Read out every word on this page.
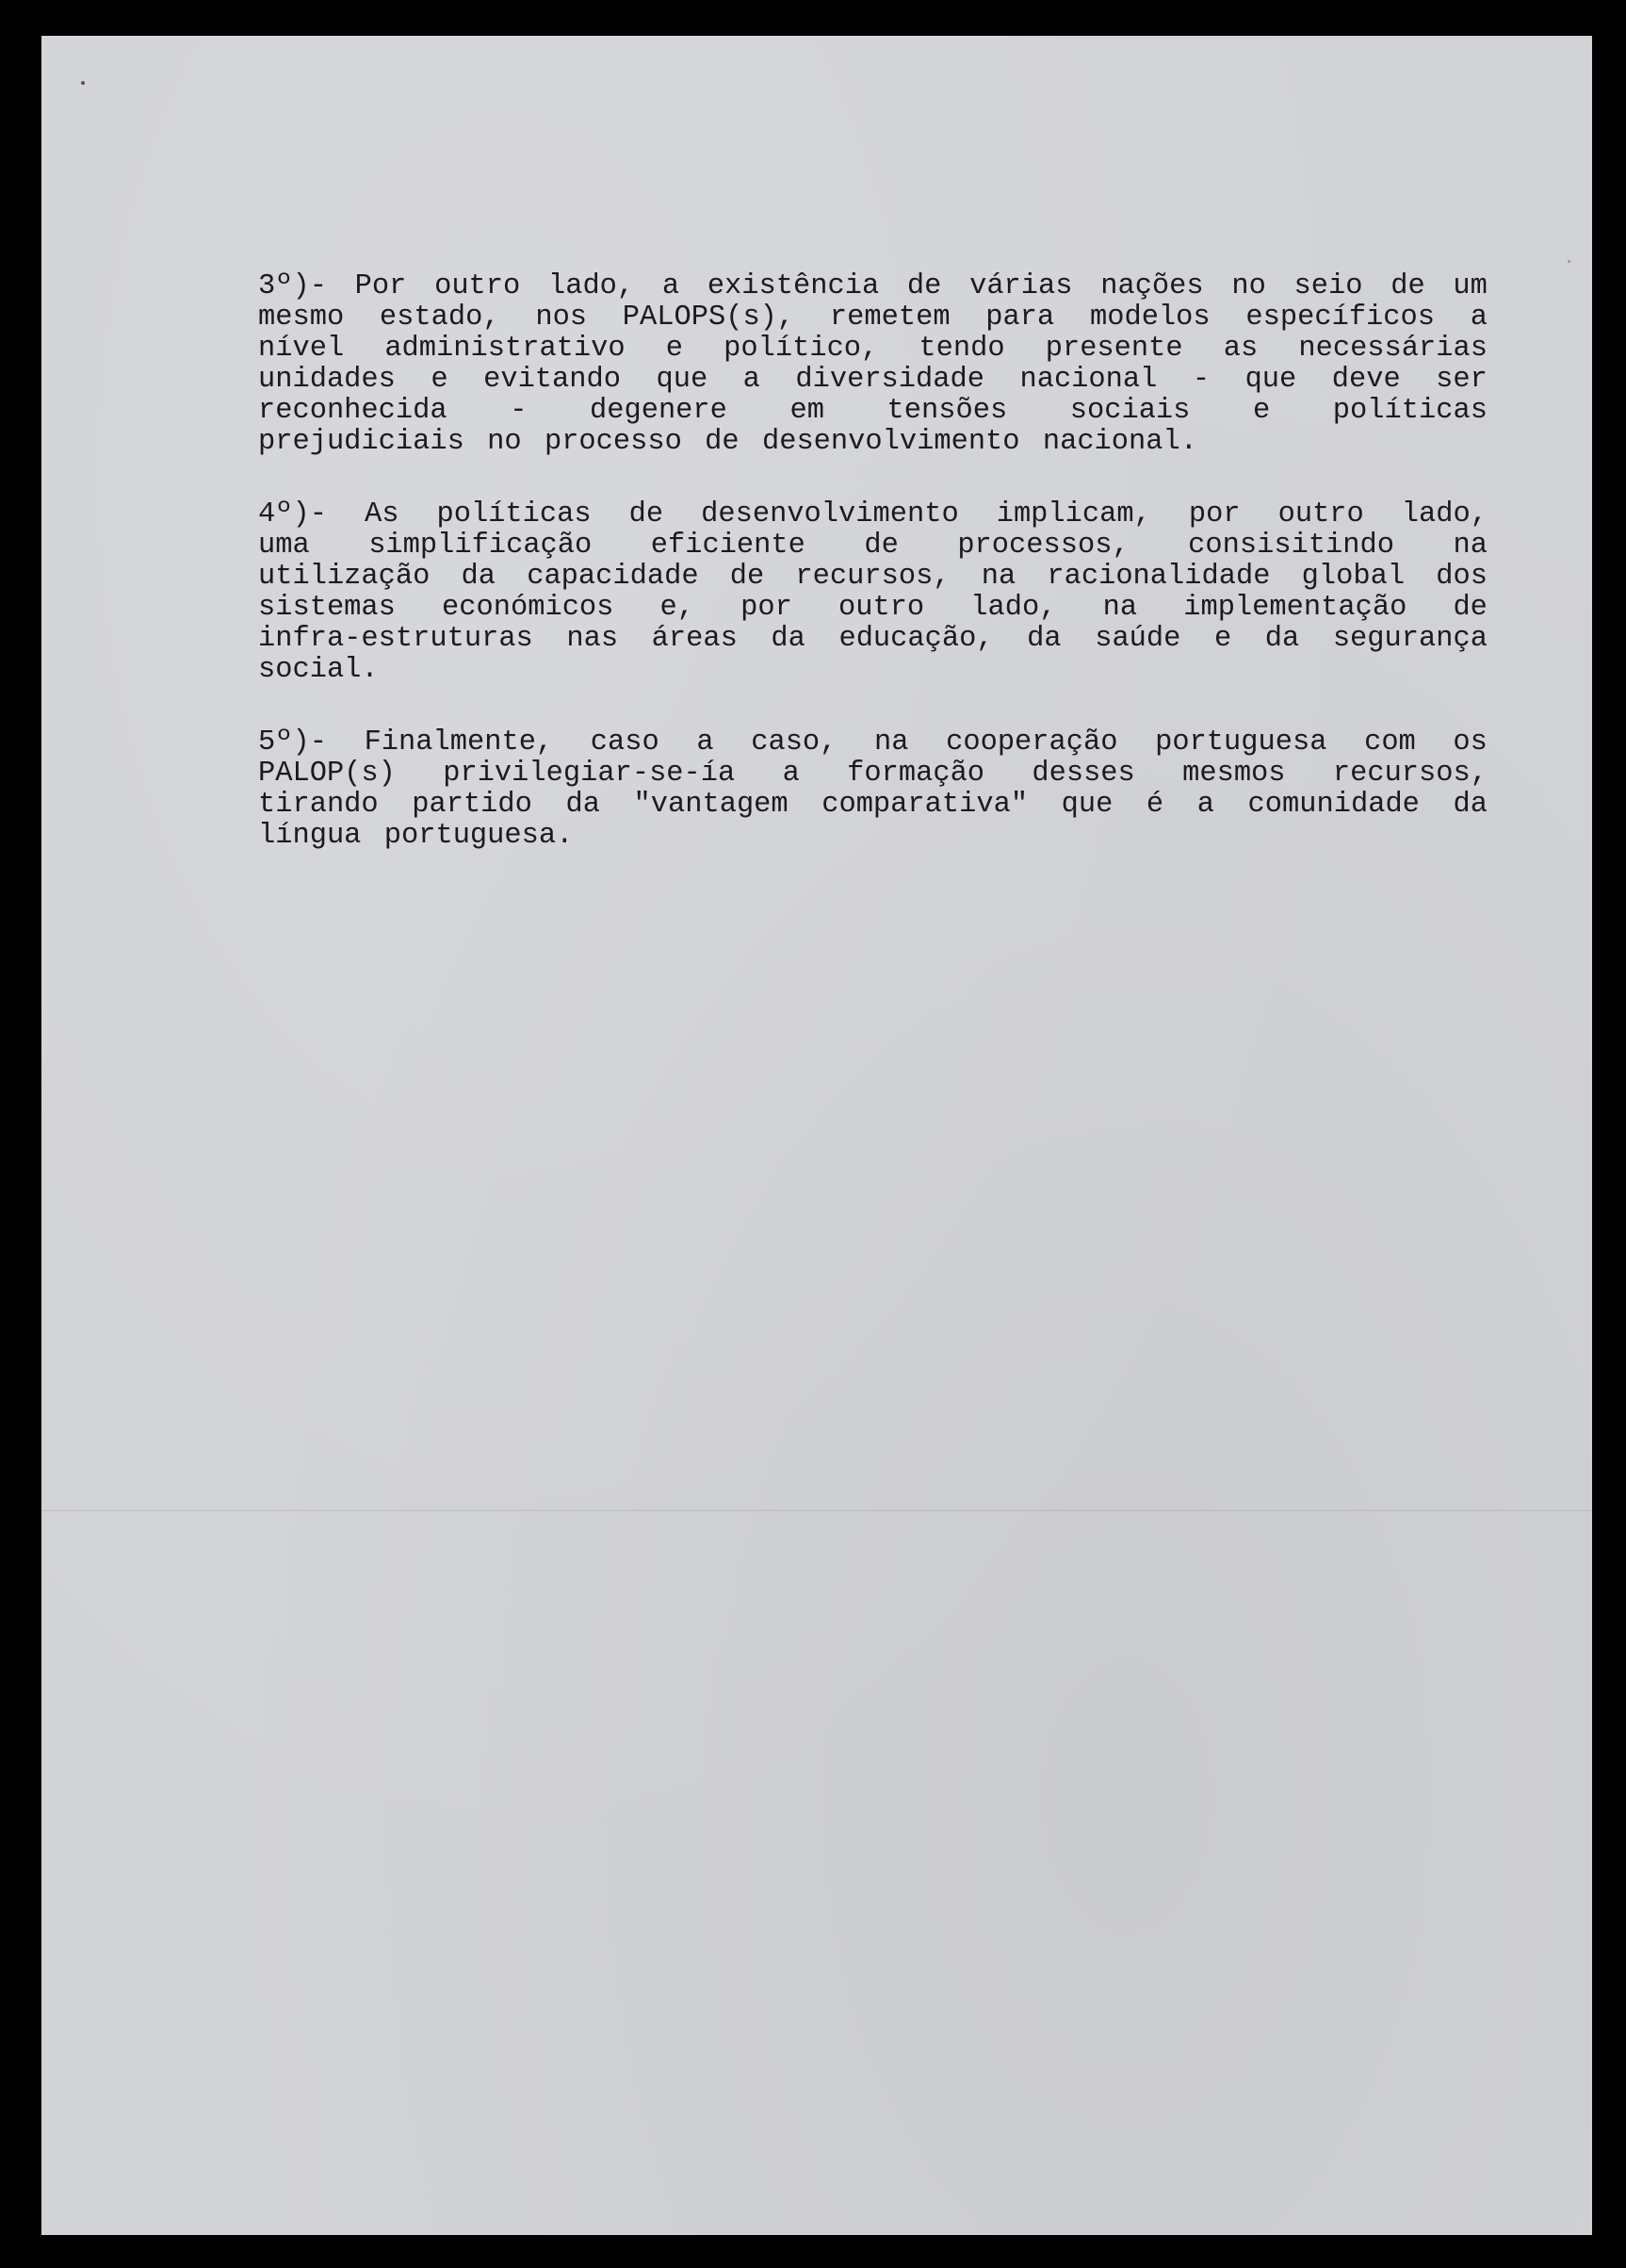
3º)- Por outro lado, a existência de várias nações no seio de um
mesmo estado, nos PALOPS(s), remetem para modelos específicos a
nível administrativo e político, tendo presente as necessárias
unidades e evitando que a diversidade nacional - que deve ser
reconhecida - degenere em tensões sociais e políticas
prejudiciais no processo de desenvolvimento nacional.
4º)- As políticas de desenvolvimento implicam, por outro lado,
uma simplificação eficiente de processos, consisitindo na
utilização da capacidade de recursos, na racionalidade global dos
sistemas económicos e, por outro lado, na implementação de
infra-estruturas nas áreas da educação, da saúde e da segurança
social.
5º)- Finalmente, caso a caso, na cooperação portuguesa com os
PALOP(s) privilegiar-se-ía a formação desses mesmos recursos,
tirando partido da "vantagem comparativa" que é a comunidade da
língua portuguesa.
